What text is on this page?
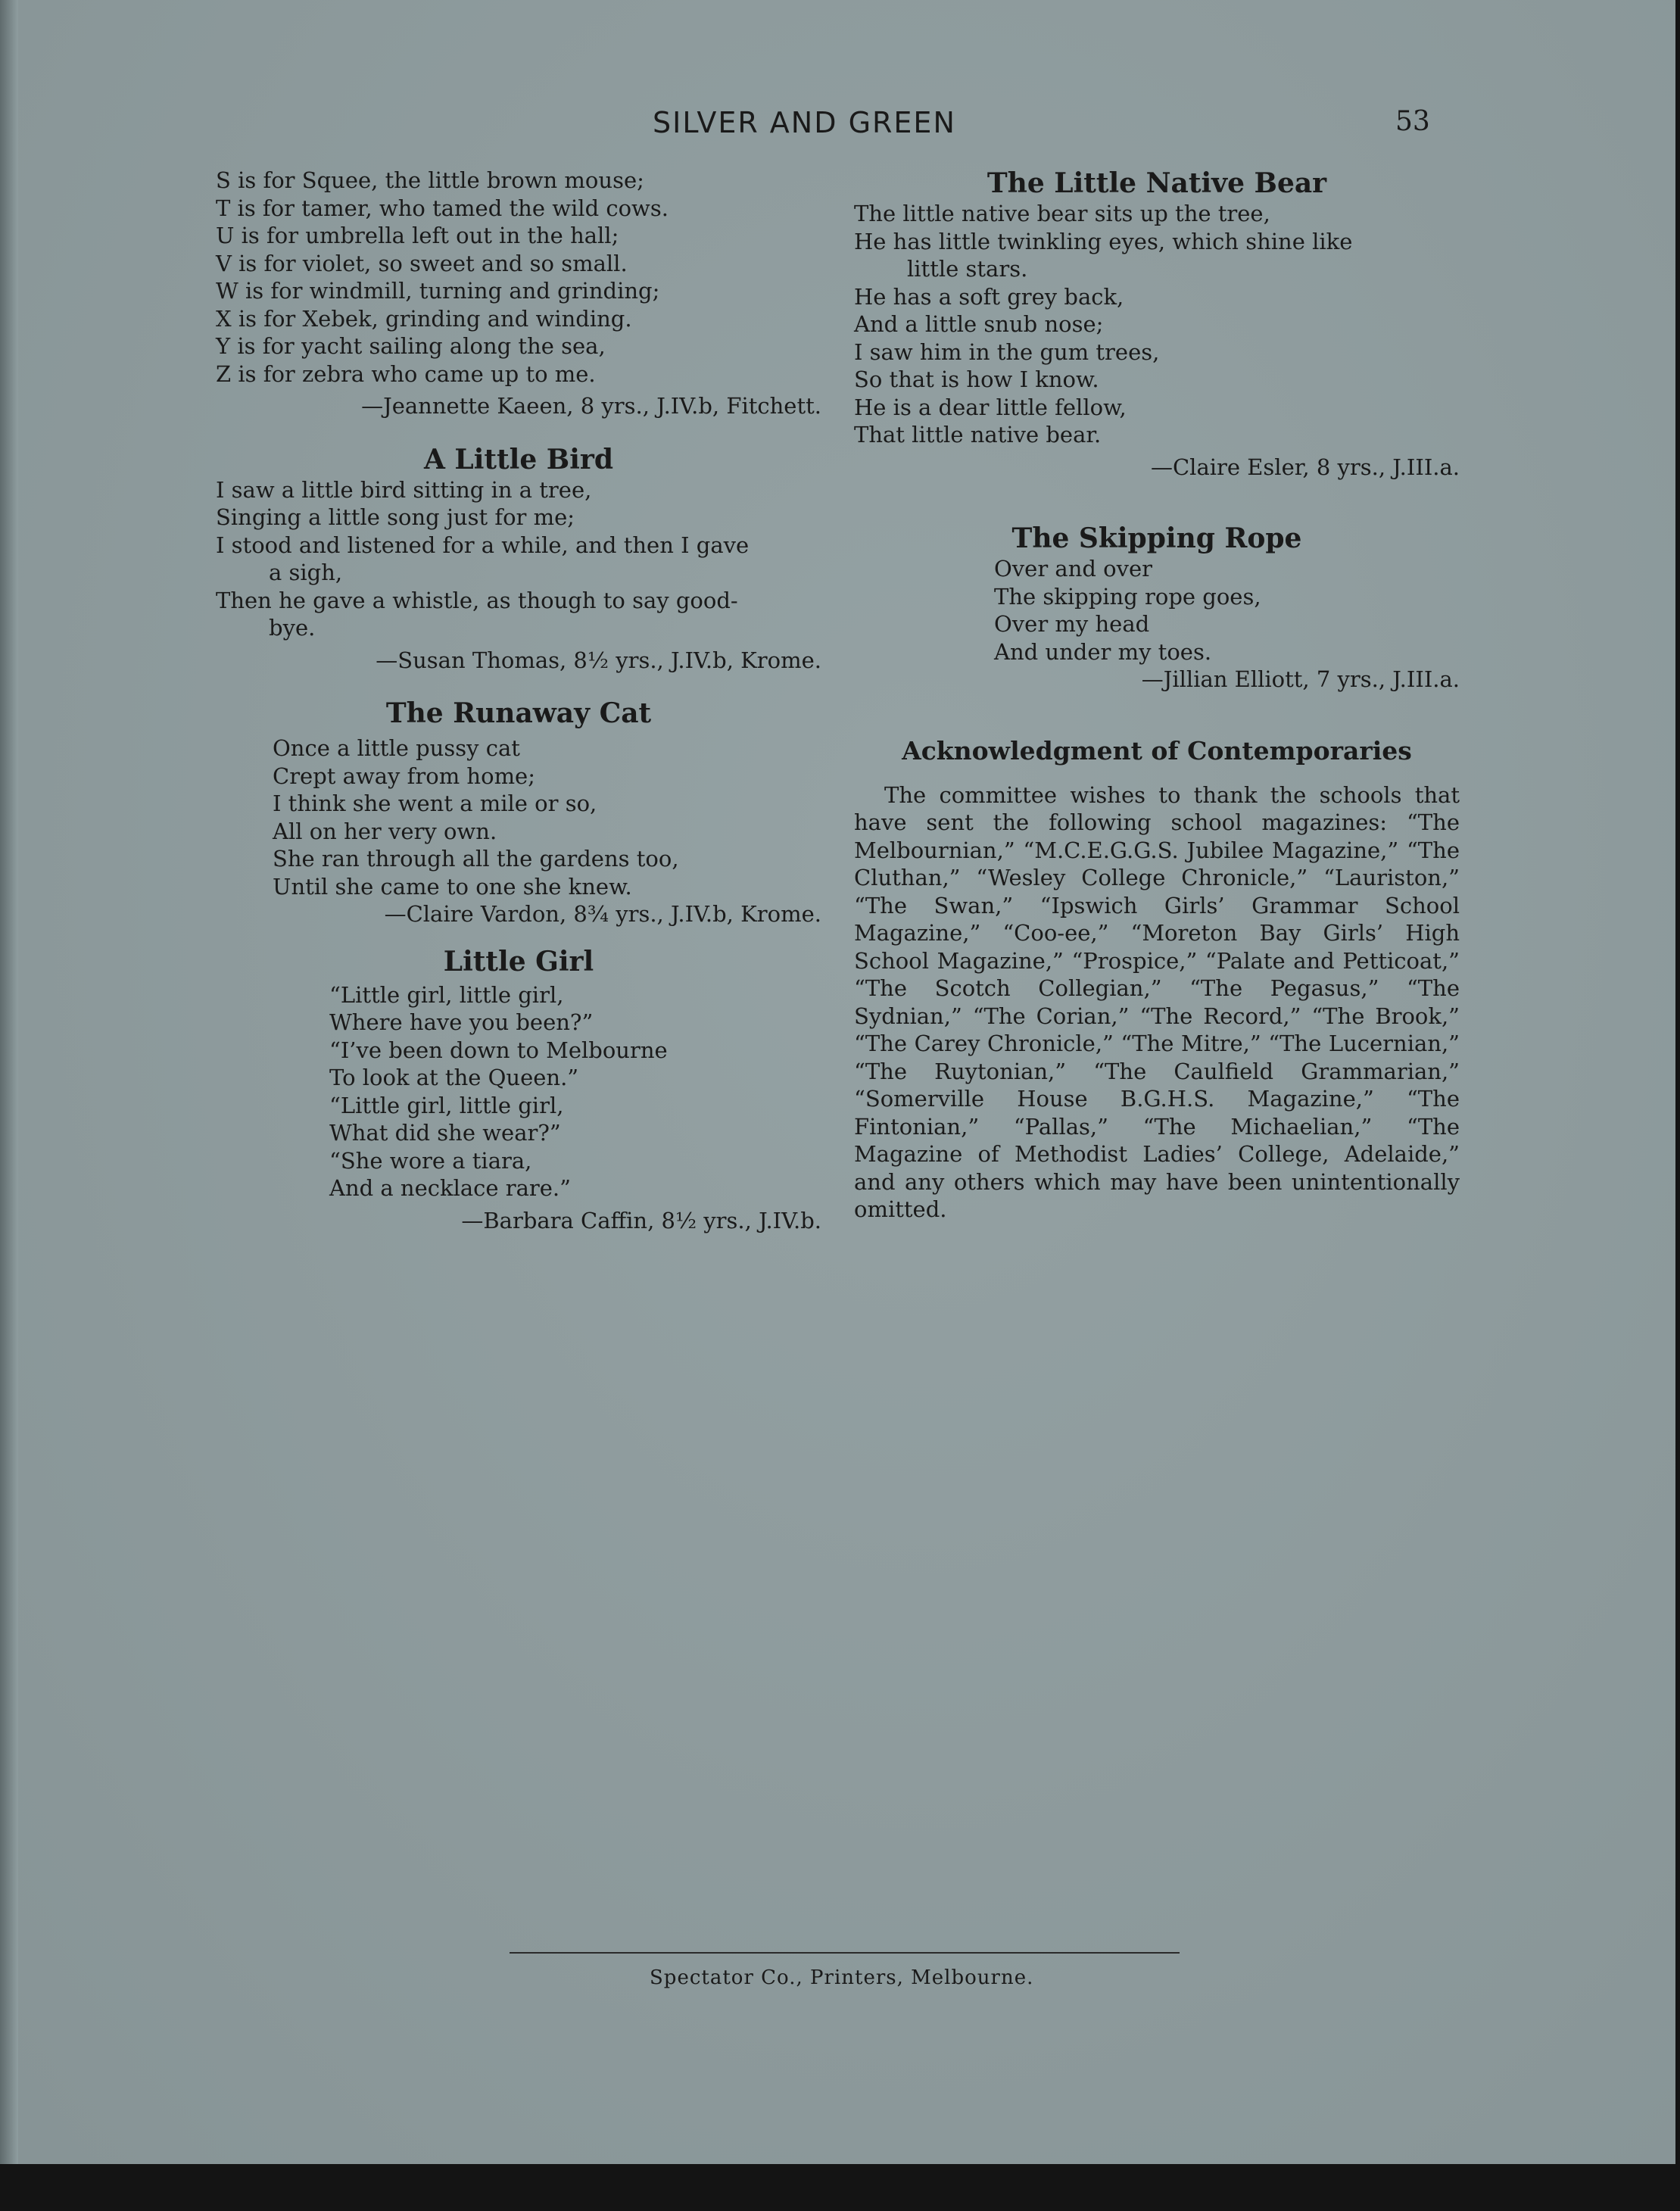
SILVER AND GREEN	53
S is for Squee, the little brown mouse;
T is for tamer, who tamed the wild cows.
U is for umbrella left out in the hall;
V is for violet, so sweet and so small.
W is for windmill, turning and grinding;
X is for Xebek, grinding and winding.
Y is for yacht sailing along the sea,
Z is for zebra who came up to me.
—Jeannette Kaeen, 8 yrs., J.IV.b, Fitchett.
A Little Bird
I saw a little bird sitting in a tree,
Singing a little song just for me;
I stood and listened for a while, and then I gave
a sigh,
Then he gave a whistle, as though to say good-
bye.
—Susan Thomas, 8½ yrs., J.IV.b, Krome.
The Runaway Cat
Once a little pussy cat
Crept away from home;
I think she went a mile or so,
All on her very own.
She ran through all the gardens too,
Until she came to one she knew.
—Claire Vardon, 8¾ yrs., J.IV.b, Krome.
Little Girl
“Little girl, little girl,
Where have you been?”
“I’ve been down to Melbourne
To look at the Queen.”
“Little girl, little girl,
What did she wear?”
“She wore a tiara,
And a necklace rare.”
—Barbara Caffin, 8½ yrs., J.IV.b.
The Little Native Bear
The little native bear sits up the tree,
He has little twinkling eyes, which shine like
little stars.
He has a soft grey back,
And a little snub nose;
I saw him in the gum trees,
So that is how I know.
He is a dear little fellow,
That little native bear.
—Claire Esler, 8 yrs., J.III.a.
The Skipping Rope
Over and over
The skipping rope goes,
Over my head
And under my toes.
—Jillian Elliott, 7 yrs., J.III.a.
Acknowledgment of Contemporaries
The committee wishes to thank the schools that have sent the following school magazines: “The Melbournian,” “M.C.E.G.G.S. Jubilee Magazine,” “The Cluthan,” “Wesley College Chronicle,” “Lauriston,” “The Swan,” “Ipswich Girls’ Grammar School Magazine,” “Coo-ee,” “Moreton Bay Girls’ High School Magazine,” “Prospice,” “Palate and Petticoat,” “The Scotch Collegian,” “The Pegasus,” “The Sydnian,” “The Corian,” “The Record,” “The Brook,” “The Carey Chronicle,” “The Mitre,” “The Lucernian,” “The Ruytonian,” “The Caulfield Grammarian,” “Somerville House B.G.H.S. Magazine,” “The Fintonian,” “Pallas,” “The Michaelian,” “The Magazine of Methodist Ladies’ College, Adelaide,” and any others which may have been unintentionally omitted.
Spectator Co., Printers, Melbourne.
